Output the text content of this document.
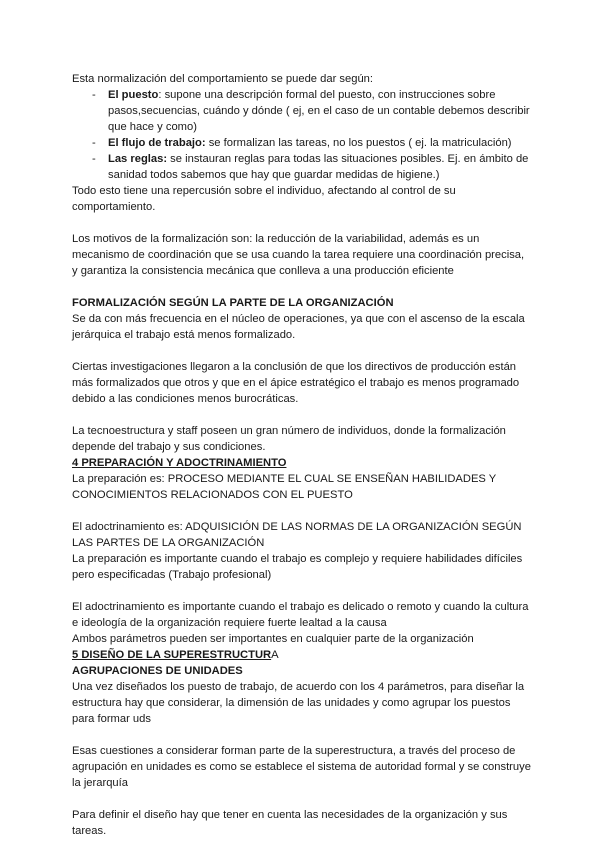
Esta normalización del comportamiento se puede dar según:

- El puesto: supone una descripción formal del puesto, con instrucciones sobre pasos,secuencias, cuándo y dónde ( ej, en el caso de un contable debemos describir que hace y como)
- El flujo de trabajo: se formalizan las tareas, no los puestos ( ej. la matriculación)
- Las reglas: se instauran reglas para todas las situaciones posibles. Ej. en ámbito de sanidad todos sabemos que hay que guardar medidas de higiene.)

Todo esto tiene una repercusión sobre el individuo, afectando al control de su comportamiento.

Los motivos de la formalización son: la reducción de la variabilidad, además es un mecanismo de coordinación que se usa cuando la tarea requiere una coordinación precisa, y garantiza la consistencia mecánica que conlleva a una producción eficiente

FORMALIZACIÓN SEGÚN LA PARTE DE LA ORGANIZACIÓN

Se da con más frecuencia en el núcleo de operaciones, ya que con el ascenso de la escala jerárquica el trabajo está menos formalizado.

Ciertas investigaciones llegaron a la conclusión de que los directivos de producción están más formalizados que otros y que en el ápice estratégico el trabajo es menos programado debido a las condiciones menos burocráticas.

La tecnoestructura y staff poseen un gran número de individuos, donde la formalización depende del trabajo y sus condiciones.

4 PREPARACIÓN Y ADOCTRINAMIENTO

La preparación es: PROCESO MEDIANTE EL CUAL SE ENSEÑAN HABILIDADES Y CONOCIMIENTOS RELACIONADOS CON EL PUESTO

El adoctrinamiento es: ADQUISICIÓN DE LAS NORMAS DE LA ORGANIZACIÓN SEGÚN LAS PARTES DE LA ORGANIZACIÓN

La preparación es importante cuando el trabajo es complejo y requiere habilidades difíciles pero especificadas (Trabajo profesional)

El adoctrinamiento es importante cuando el trabajo es delicado o remoto y cuando la cultura e ideología de la organización requiere fuerte lealtad a la causa

Ambos parámetros pueden ser importantes en cualquier parte de la organización

5 DISEÑO DE LA SUPERESTRUCTURA

AGRUPACIONES DE UNIDADES

Una vez diseñados los puesto de trabajo, de acuerdo con los 4 parámetros, para diseñar la estructura hay que considerar, la dimensión de las unidades y como agrupar los puestos para formar uds

Esas cuestiones a considerar forman parte de la superestructura, a través del proceso de agrupación en unidades es como se establece el sistema de autoridad formal y se construye la jerarquía

Para definir el diseño hay que tener en cuenta las necesidades de la organización y sus tareas.
